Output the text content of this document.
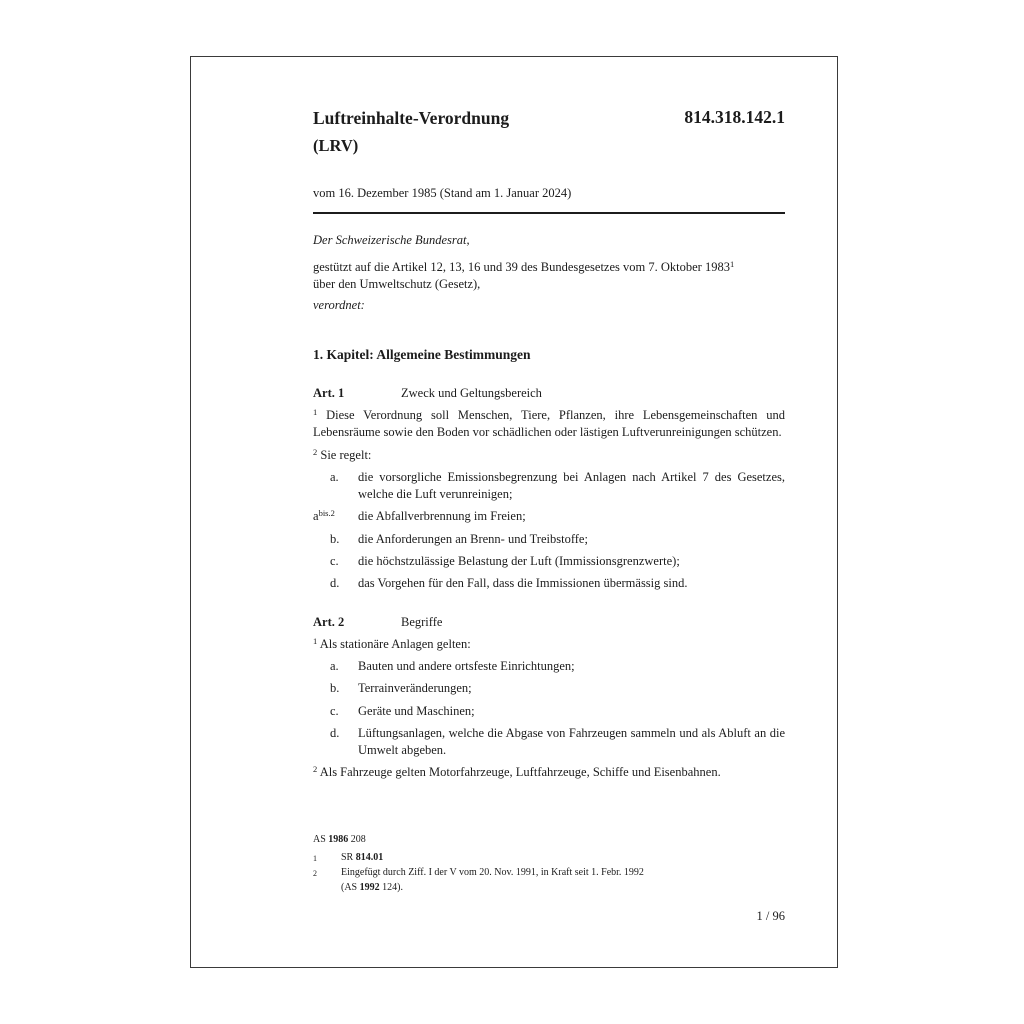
Luftreinhalte-Verordnung
(LRV)
814.318.142.1
vom 16. Dezember 1985 (Stand am 1. Januar 2024)
Der Schweizerische Bundesrat,
gestützt auf die Artikel 12, 13, 16 und 39 des Bundesgesetzes vom 7. Oktober 1983$^1$
über den Umweltschutz (Gesetz),
verordnet:
1. Kapitel: Allgemeine Bestimmungen
Art. 1	Zweck und Geltungsbereich
$^1$ Diese Verordnung soll Menschen, Tiere, Pflanzen, ihre Lebensgemeinschaften und Lebensräume sowie den Boden vor schädlichen oder lästigen Luftverunreinigungen schützen.
$^2$ Sie regelt:
a.	die vorsorgliche Emissionsbegrenzung bei Anlagen nach Artikel 7 des Gesetzes, welche die Luft verunreinigen;
$a^{bis.2}$	die Abfallverbrennung im Freien;
b.	die Anforderungen an Brenn- und Treibstoffe;
c.	die höchstzulässige Belastung der Luft (Immissionsgrenzwerte);
d.	das Vorgehen für den Fall, dass die Immissionen übermässig sind.
Art. 2	Begriffe
$^1$ Als stationäre Anlagen gelten:
a.	Bauten und andere ortsfeste Einrichtungen;
b.	Terrainveränderungen;
c.	Geräte und Maschinen;
d.	Lüftungsanlagen, welche die Abgase von Fahrzeugen sammeln und als Abluft an die Umwelt abgeben.
$^2$ Als Fahrzeuge gelten Motorfahrzeuge, Luftfahrzeuge, Schiffe und Eisenbahnen.
AS 1986 208
1	SR 814.01
2	Eingefügt durch Ziff. I der V vom 20. Nov. 1991, in Kraft seit 1. Febr. 1992
(AS 1992 124).
1 / 96
